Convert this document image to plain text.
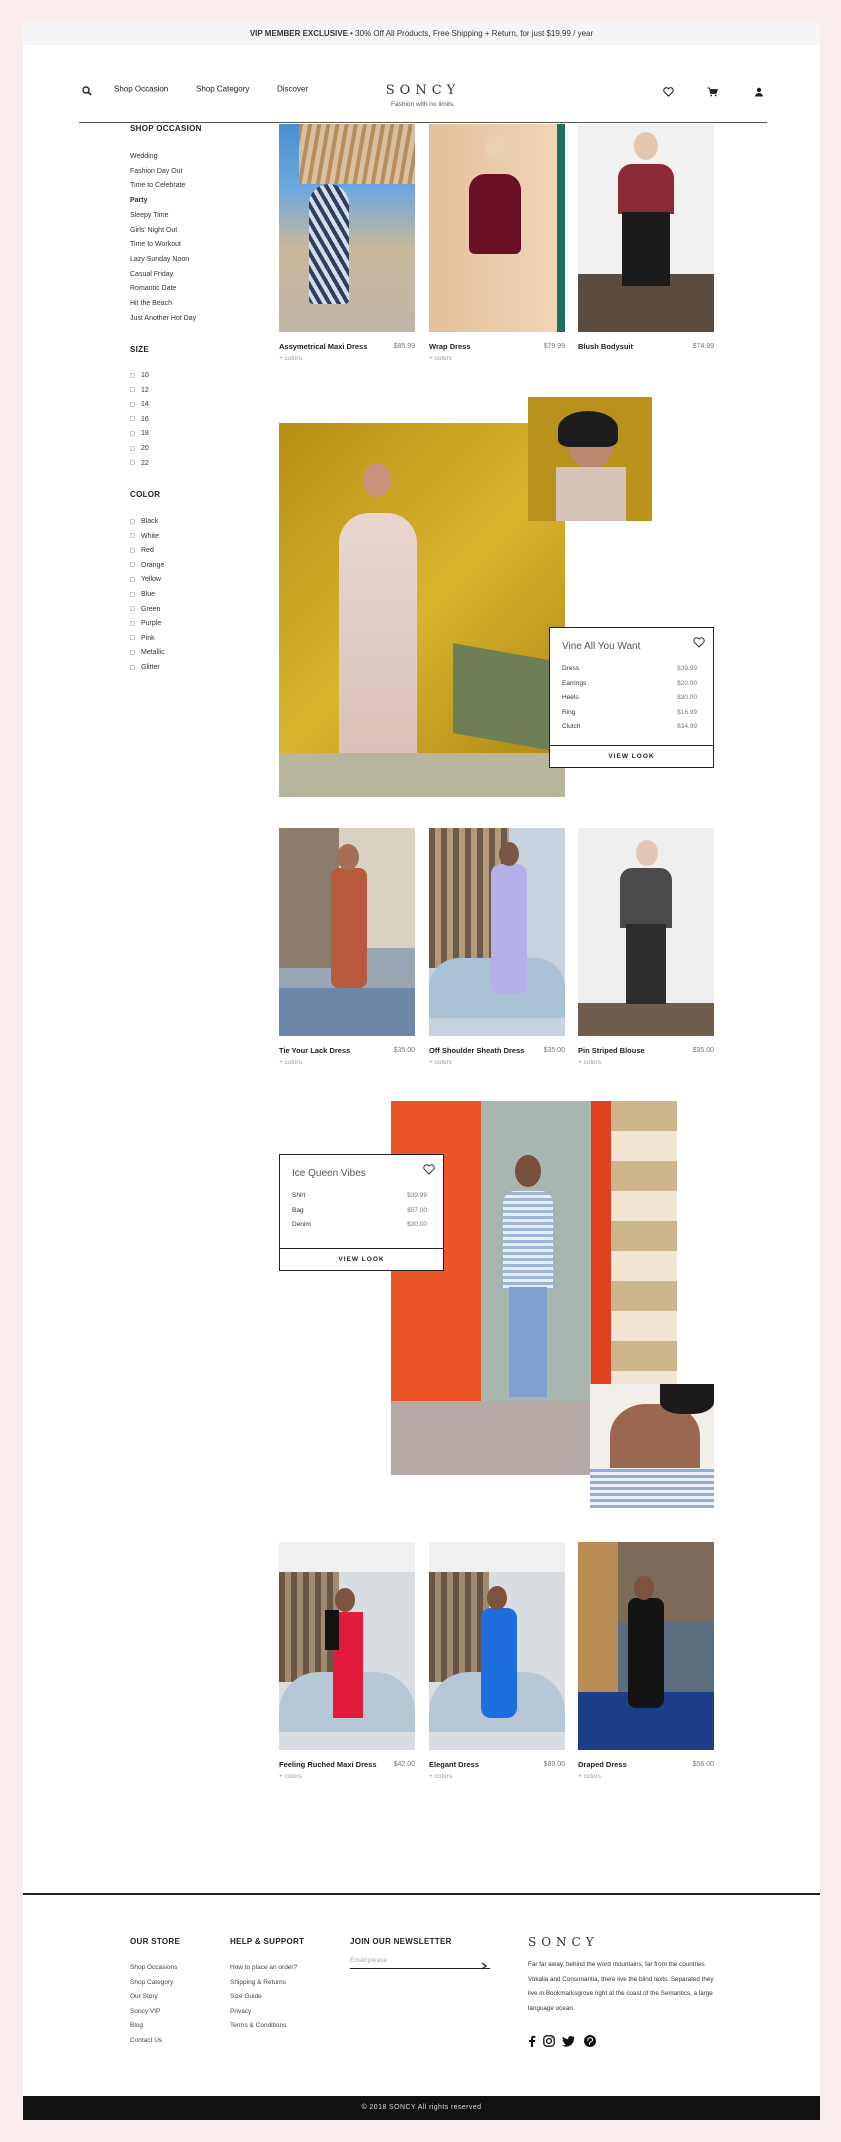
VIP MEMBER EXCLUSIVE • 30% Off All Products, Free Shipping + Return, for just $19.99 / year
Shop Occasion	Shop Category	Discover	SONCY
Fashion with no limits.
SHOP OCCASION
Wedding
Fashion Day Out
Time to Celebrate
Party
Sleepy Time
Girls' Night Out
Time to Workout
Lazy Sunday Noon
Casual Friday
Romantic Date
Hit the Beach
Just Another Hot Day
SIZE
10
12
14
16
18
20
22
COLOR
Black
White
Red
Orange
Yellow
Blue
Green
Purple
Pink
Metallic
Glitter
Assymetrical Maxi Dress	$85.99
+ colors
Wrap Dress	$79.99
+ colors
Blush Bodysuit	$74.99
Vine All You Want
Dress	$39.99
Earrings	$20.00
Heels	$30.00
Ring	$16.99
Clutch	$34.99
VIEW LOOK
Tie Your Lack Dress	$35.00
+ colors
Off Shoulder Sheath Dress	$35.00
+ colors
Pin Striped Blouse	$35.00
+ colors
Ice Queen Vibes
Shirt	$39.99
Bag	$57.00
Denim	$30.00
VIEW LOOK
Feeling Ruched Maxi Dress	$42.00
+ colors
Elegant Dress	$89.00
+ colors
Draped Dress	$56.00
+ colors
OUR STORE
Shop Occasions
Shop Category
Our Story
Soncy VIP
Blog
Contact Us
HELP & SUPPORT
How to place an order?
Shipping & Returns
Size Guide
Privacy
Terms & Conditions
JOIN OUR NEWSLETTER
Email please	SONCY
Far far away, behind the word mountains, far from the countries Vokalia and Consonantia, there live the blind texts. Separated they live in Bookmarksgrove right at the coast of the Semantics, a large language ocean.
© 2018 SONCY All rights reserved
